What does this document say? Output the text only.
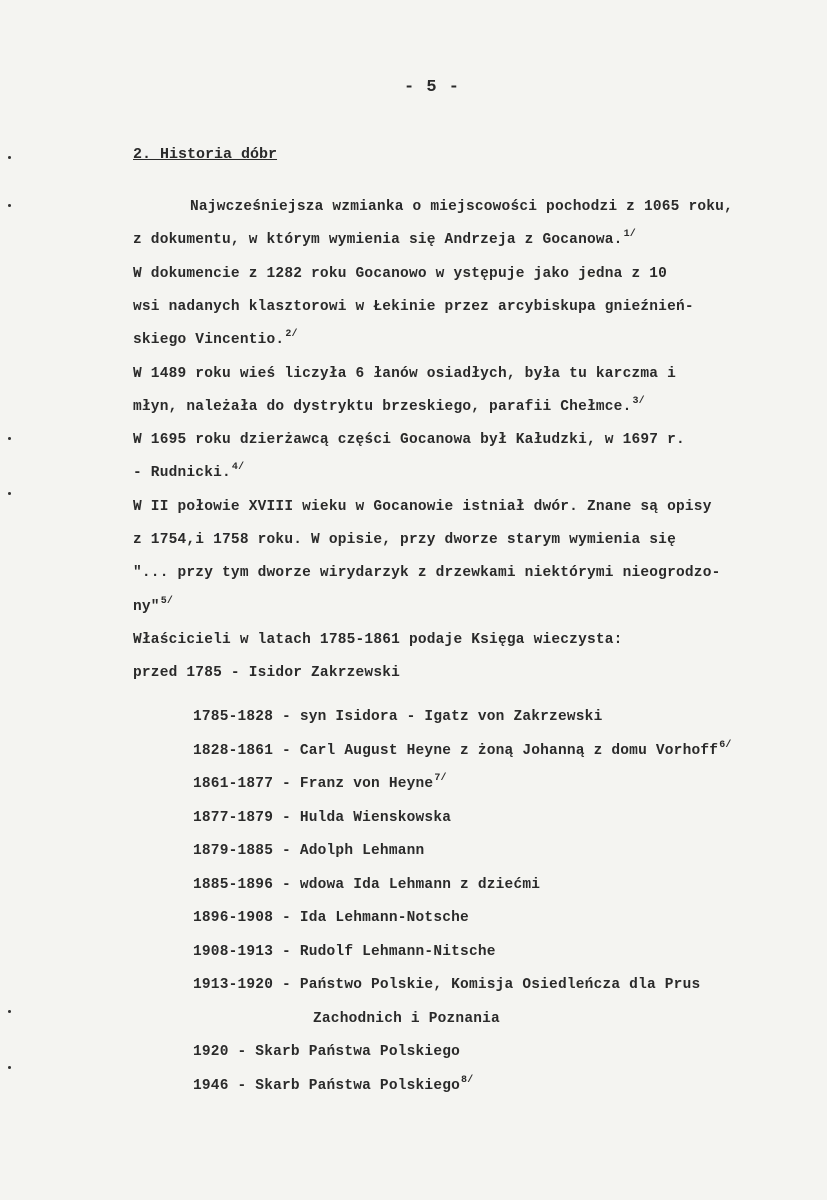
- 5 -
2. Historia dóbr
Najwcześniejsza wzmianka o miejscowości pochodzi z 1065 roku,
z dokumentu, w którym wymienia się Andrzeja z Gocanowa.$^{1/}$
W dokumencie z 1282 roku Gocanowo w ystępuje jako jedna z 10
wsi nadanych klasztorowi w Łekinie przez arcybiskupa gnieźnień-
skiego Vincentio.$^{2/}$
W 1489 roku wieś liczyła 6 łanów osiadłych, była tu karczma i
młyn, należała do dystryktu brzeskiego, parafii Chełmce.$^{3/}$
W 1695 roku dzierżawcą części Gocanowa był Kałudzki, w 1697 r.
- Rudnicki.$^{4/}$
W II połowie XVIII wieku w Gocanowie istniał dwór. Znane są opisy
z 1754,i 1758 roku. W opisie, przy dworze starym wymienia się
"... przy tym dworze wirydarzyk z drzewkami niektórymi nieogrodzo-
ny"$^{5/}$
Właścicieli w latach 1785-1861 podaje Księga wieczysta:
przed 1785 - Isidor Zakrzewski
1785-1828 - syn Isidora - Igatz von Zakrzewski
1828-1861 - Carl August Heyne z żoną Johanną z domu Vorhoff$^{6/}$
1861-1877 - Franz von Heyne$^{7/}$
1877-1879 - Hulda Wienskowska
1879-1885 - Adolph Lehmann
1885-1896 - wdowa Ida Lehmann z dziećmi
1896-1908 - Ida Lehmann-Notsche
1908-1913 - Rudolf Lehmann-Nitsche
1913-1920 - Państwo Polskie, Komisja Osiedleńcza dla Prus
Zachodnich i Poznania
1920 - Skarb Państwa Polskiego
1946 - Skarb Państwa Polskiego$^{8/}$
